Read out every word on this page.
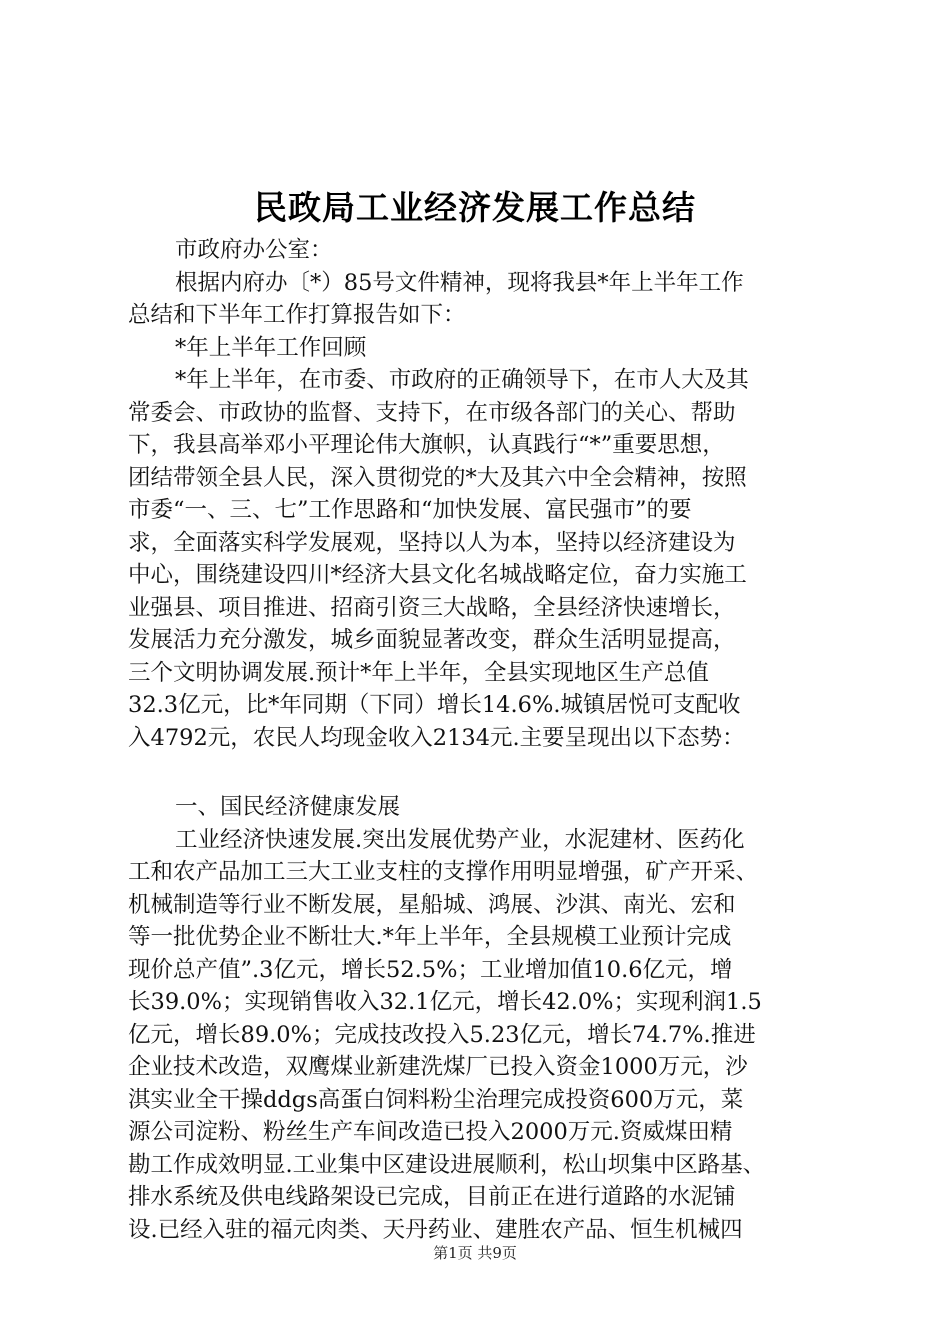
民政局工业经济发展工作总结
市政府办公室：
根据内府办〔*）85号文件精神，现将我县*年上半年工作
总结和下半年工作打算报告如下：
*年上半年工作回顾
*年上半年，在市委、市政府的正确领导下，在市人大及其
常委会、市政协的监督、支持下，在市级各部门的关心、帮助
下，我县高举邓小平理论伟大旗帜，认真践行“*”重要思想，
团结带领全县人民，深入贯彻党的*大及其六中全会精神，按照
市委“一、三、七”工作思路和“加快发展、富民强市”的要
求，全面落实科学发展观，坚持以人为本，坚持以经济建设为
中心，围绕建设四川*经济大县文化名城战略定位，奋力实施工
业强县、项目推进、招商引资三大战略，全县经济快速增长，
发展活力充分激发，城乡面貌显著改变，群众生活明显提高，
三个文明协调发展.预计*年上半年，全县实现地区生产总值
32.3亿元，比*年同期（下同）增长14.6%.城镇居悦可支配收
入4792元，农民人均现金收入2134元.主要呈现出以下态势：
一、国民经济健康发展
工业经济快速发展.突出发展优势产业，水泥建材、医药化
工和农产品加工三大工业支柱的支撑作用明显增强，矿产开采、
机械制造等行业不断发展，星船城、鸿展、沙淇、南光、宏和
等一批优势企业不断壮大.*年上半年，全县规模工业预计完成
现价总产值”.3亿元，增长52.5%；工业增加值10.6亿元，增
长39.0%；实现销售收入32.1亿元，增长42.0%；实现利润1.5
亿元，增长89.0%；完成技改投入5.23亿元，增长74.7%.推进
企业技术改造，双鹰煤业新建洗煤厂已投入资金1000万元，沙
淇实业全干操ddgs高蛋白饲料粉尘治理完成投资600万元，菜
源公司淀粉、粉丝生产车间改造已投入2000万元.资威煤田精
勘工作成效明显.工业集中区建设进展顺利，松山坝集中区路基、
排水系统及供电线路架设已完成，目前正在进行道路的水泥铺
设.已经入驻的福元肉类、天丹药业、建胜农产品、恒生机械四
第1页 共9页
